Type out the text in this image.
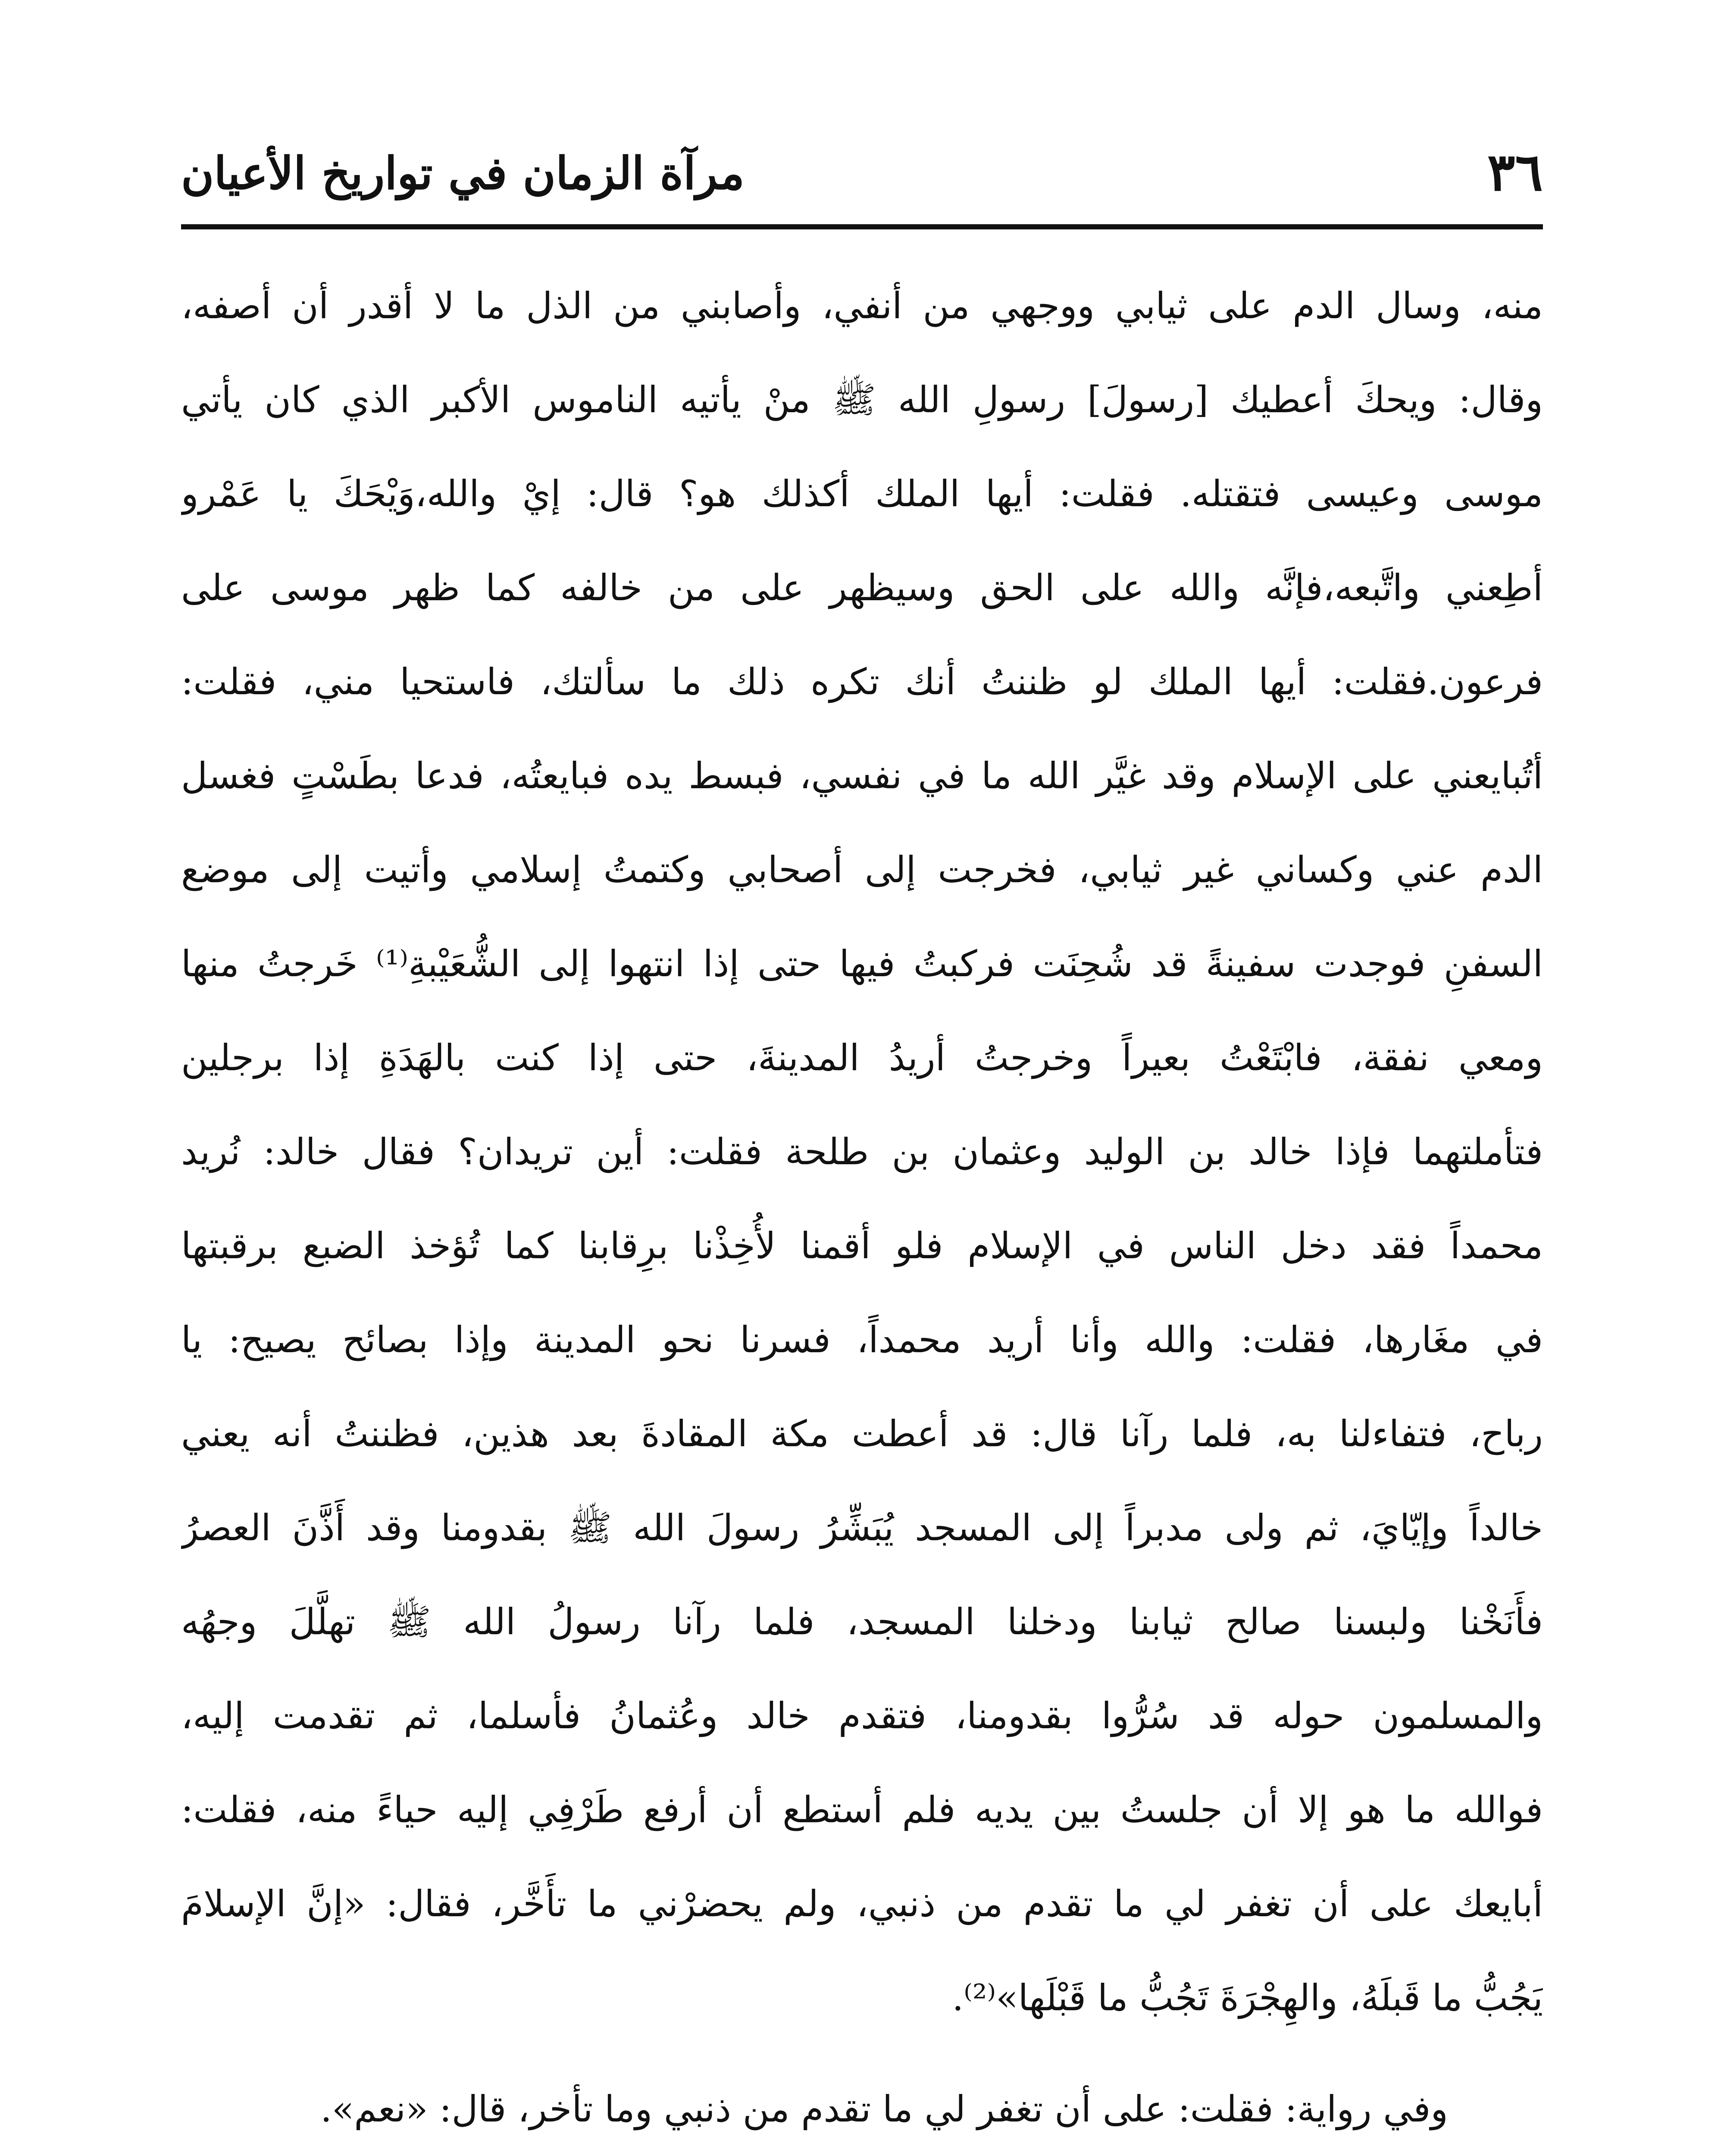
٣٦
مرآة الزمان في تواريخ الأعيان
منه، وسال الدم على ثيابي ووجهي من أنفي، وأصابني من الذل ما لا أقدر أن أصفه،
وقال: ويحكَ أعطيك [رسولَ] رسولِ الله ﷺ منْ يأتيه الناموس الأكبر الذي كان يأتي
موسى وعيسى فتقتله. فقلت: أيها الملك أكذلك هو؟ قال: إيْ والله،وَيْحَكَ يا عَمْرو
أطِعني واتَّبعه،فإنَّه والله على الحق وسيظهر على من خالفه كما ظهر موسى على
فرعون.فقلت: أيها الملك لو ظننتُ أنك تكره ذلك ما سألتك، فاستحيا مني، فقلت:
أتُبايعني على الإسلام وقد غيَّر الله ما في نفسي، فبسط يده فبايعتُه، فدعا بطَسْتٍ فغسل
الدم عني وكساني غير ثيابي، فخرجت إلى أصحابي وكتمتُ إسلامي وأتيت إلى موضع
السفنِ فوجدت سفينةً قد شُحِنَت فركبتُ فيها حتى إذا انتهوا إلى الشُّعَيْبةِ⁽¹⁾ خَرجتُ منها
ومعي نفقة، فابْتَعْتُ بعيراً وخرجتُ أريدُ المدينةَ، حتى إذا كنت بالهَدَةِ إذا برجلين
فتأملتهما فإذا خالد بن الوليد وعثمان بن طلحة فقلت: أين تريدان؟ فقال خالد: نُريد
محمداً فقد دخل الناس في الإسلام فلو أقمنا لأُخِذْنا برِقابنا كما تُؤخذ الضبع برقبتها
في مغَارها، فقلت: والله وأنا أريد محمداً، فسرنا نحو المدينة وإذا بصائح يصيح: يا
رباح، فتفاءلنا به، فلما رآنا قال: قد أعطت مكة المقادةَ بعد هذين، فظننتُ أنه يعني
خالداً وإيّايَ، ثم ولى مدبراً إلى المسجد يُبَشِّرُ رسولَ الله ﷺ بقدومنا وقد أَذَّنَ العصرُ
فأَنَخْنا ولبسنا صالح ثيابنا ودخلنا المسجد، فلما رآنا رسولُ الله ﷺ تهلَّلَ وجهُه
والمسلمون حوله قد سُرُّوا بقدومنا، فتقدم خالد وعُثمانُ فأسلما، ثم تقدمت إليه،
فوالله ما هو إلا أن جلستُ بين يديه فلم أستطع أن أرفع طَرْفِي إليه حياءً منه، فقلت:
أبايعك على أن تغفر لي ما تقدم من ذنبي، ولم يحضرْني ما تأَخَّر، فقال: «إنَّ الإسلامَ
يَجُبُّ ما قَبلَهُ، والهِجْرَةَ تَجُبُّ ما قَبْلَها»⁽²⁾.
وفي رواية: فقلت: على أن تغفر لي ما تقدم من ذنبي وما تأخر، قال: «نعم».
